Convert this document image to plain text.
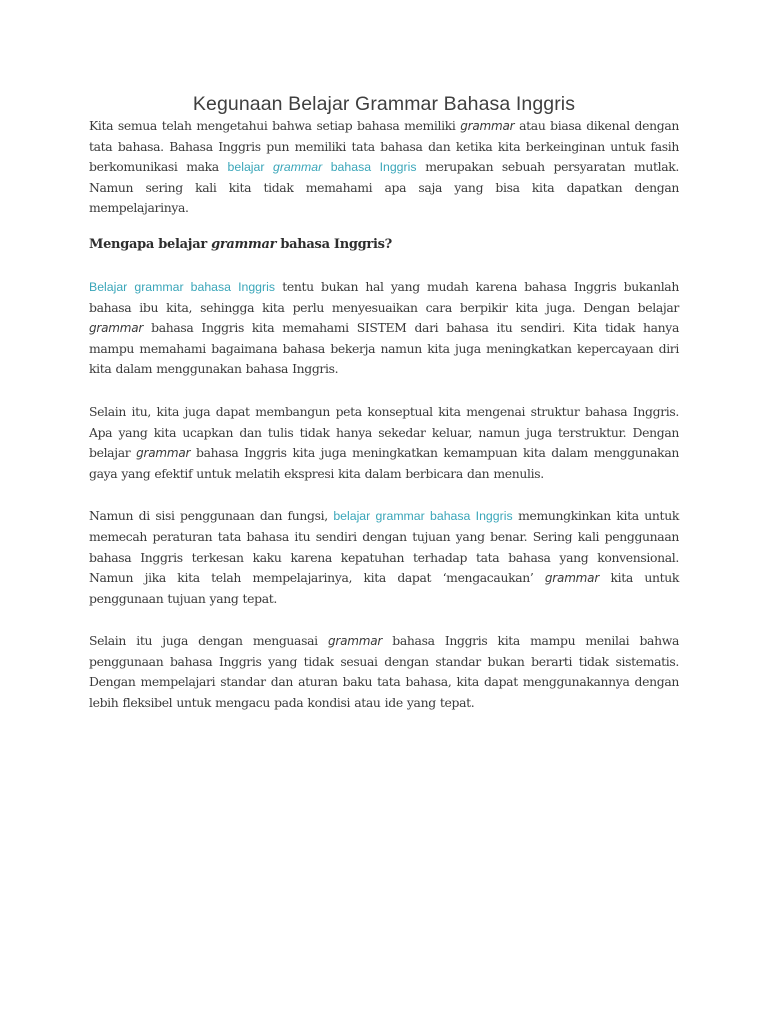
Kegunaan Belajar Grammar Bahasa Inggris

Kita semua telah mengetahui bahwa setiap bahasa memiliki grammar atau biasa dikenal dengan tata bahasa. Bahasa Inggris pun memiliki tata bahasa dan ketika kita berkeinginan untuk fasih berkomunikasi maka belajar grammar bahasa Inggris merupakan sebuah persyaratan mutlak. Namun sering kali kita tidak memahami apa saja yang bisa kita dapatkan dengan mempelajarinya.

Mengapa belajar grammar bahasa Inggris?

Belajar grammar bahasa Inggris tentu bukan hal yang mudah karena bahasa Inggris bukanlah bahasa ibu kita, sehingga kita perlu menyesuaikan cara berpikir kita juga. Dengan belajar grammar bahasa Inggris kita memahami SISTEM dari bahasa itu sendiri. Kita tidak hanya mampu memahami bagaimana bahasa bekerja namun kita juga meningkatkan kepercayaan diri kita dalam menggunakan bahasa Inggris.

Selain itu, kita juga dapat membangun peta konseptual kita mengenai struktur bahasa Inggris. Apa yang kita ucapkan dan tulis tidak hanya sekedar keluar, namun juga terstruktur. Dengan belajar grammar bahasa Inggris kita juga meningkatkan kemampuan kita dalam menggunakan gaya yang efektif untuk melatih ekspresi kita dalam berbicara dan menulis.

Namun di sisi penggunaan dan fungsi, belajar grammar bahasa Inggris memungkinkan kita untuk memecah peraturan tata bahasa itu sendiri dengan tujuan yang benar. Sering kali penggunaan bahasa Inggris terkesan kaku karena kepatuhan terhadap tata bahasa yang konvensional. Namun jika kita telah mempelajarinya, kita dapat ‘mengacaukan’ grammar kita untuk penggunaan tujuan yang tepat.

Selain itu juga dengan menguasai grammar bahasa Inggris kita mampu menilai bahwa penggunaan bahasa Inggris yang tidak sesuai dengan standar bukan berarti tidak sistematis. Dengan mempelajari standar dan aturan baku tata bahasa, kita dapat menggunakannya dengan lebih fleksibel untuk mengacu pada kondisi atau ide yang tepat.
